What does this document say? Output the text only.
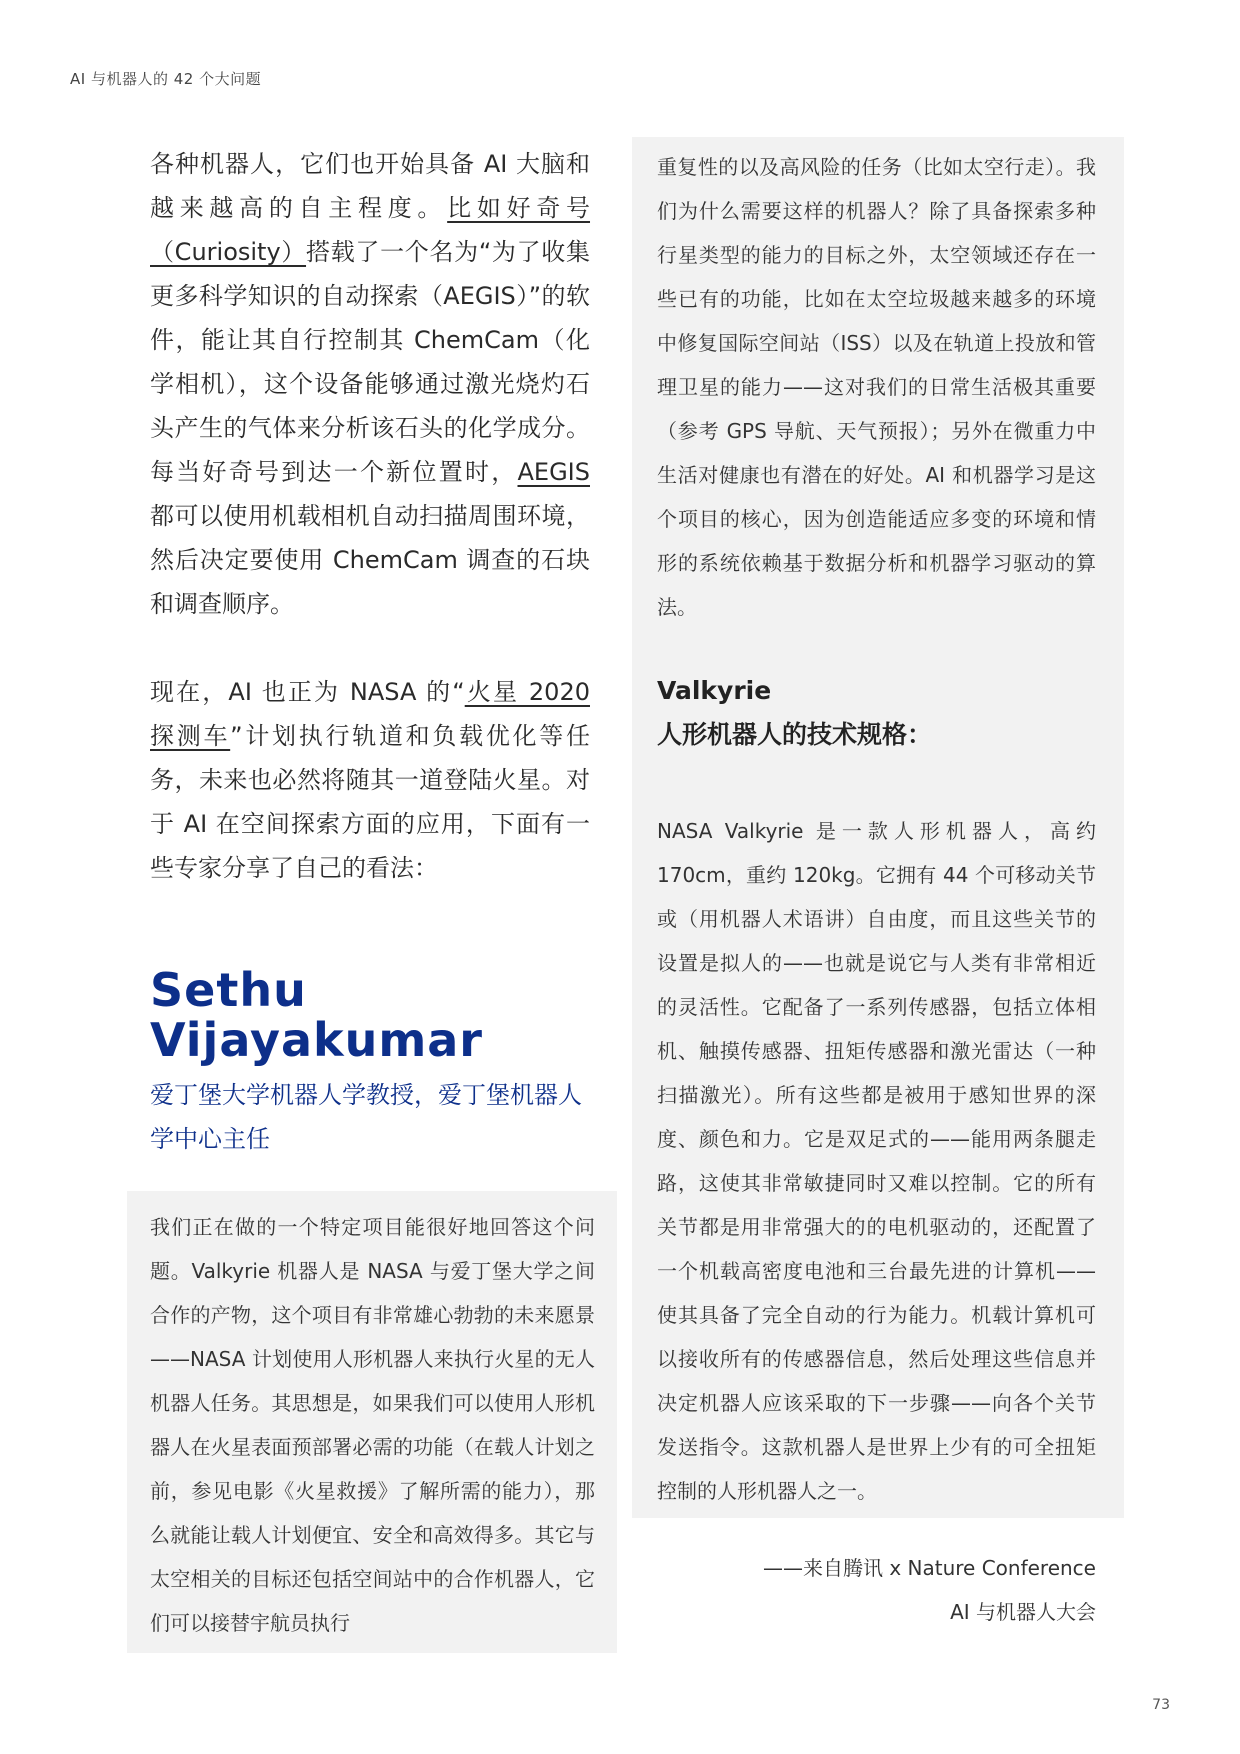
AI 与机器人的 42 个大问题

各种机器人，它们也开始具备 AI 大脑和越来越高的自主程度。比如好奇号（Curiosity）搭载了一个名为“为了收集更多科学知识的自动探索（AEGIS）”的软件，能让其自行控制其 ChemCam（化学相机），这个设备能够通过激光烧灼石头产生的气体来分析该石头的化学成分。每当好奇号到达一个新位置时，AEGIS 都可以使用机载相机自动扫描周围环境，然后决定要使用 ChemCam 调查的石块和调查顺序。

现在，AI 也正为 NASA 的“火星 2020 探测车”计划执行轨道和负载优化等任务，未来也必然将随其一道登陆火星。对于 AI 在空间探索方面的应用，下面有一些专家分享了自己的看法：

Sethu
Vijayakumar
爱丁堡大学机器人学教授，爱丁堡机器人学中心主任

我们正在做的一个特定项目能很好地回答这个问题。Valkyrie 机器人是 NASA 与爱丁堡大学之间合作的产物，这个项目有非常雄心勃勃的未来愿景——NASA 计划使用人形机器人来执行火星的无人机器人任务。其思想是，如果我们可以使用人形机器人在火星表面预部署必需的功能（在载人计划之前，参见电影《火星救援》了解所需的能力），那么就能让载人计划便宜、安全和高效得多。其它与太空相关的目标还包括空间站中的合作机器人，它们可以接替宇航员执行

重复性的以及高风险的任务（比如太空行走）。我们为什么需要这样的机器人？除了具备探索多种行星类型的能力的目标之外，太空领域还存在一些已有的功能，比如在太空垃圾越来越多的环境中修复国际空间站（ISS）以及在轨道上投放和管理卫星的能力——这对我们的日常生活极其重要（参考 GPS 导航、天气预报）；另外在微重力中生活对健康也有潜在的好处。AI 和机器学习是这个项目的核心，因为创造能适应多变的环境和情形的系统依赖基于数据分析和机器学习驱动的算法。

Valkyrie
人形机器人的技术规格：

NASA Valkyrie 是一款人形机器人，高约 170cm，重约 120kg。它拥有 44 个可移动关节或（用机器人术语讲）自由度，而且这些关节的设置是拟人的——也就是说它与人类有非常相近的灵活性。它配备了一系列传感器，包括立体相机、触摸传感器、扭矩传感器和激光雷达（一种扫描激光）。所有这些都是被用于感知世界的深度、颜色和力。它是双足式的——能用两条腿走路，这使其非常敏捷同时又难以控制。它的所有关节都是用非常强大的的电机驱动的，还配置了一个机载高密度电池和三台最先进的计算机——使其具备了完全自动的行为能力。机载计算机可以接收所有的传感器信息，然后处理这些信息并决定机器人应该采取的下一步骤——向各个关节发送指令。这款机器人是世界上少有的可全扭矩控制的人形机器人之一。

——来自腾讯 x Nature Conference
AI 与机器人大会
73
